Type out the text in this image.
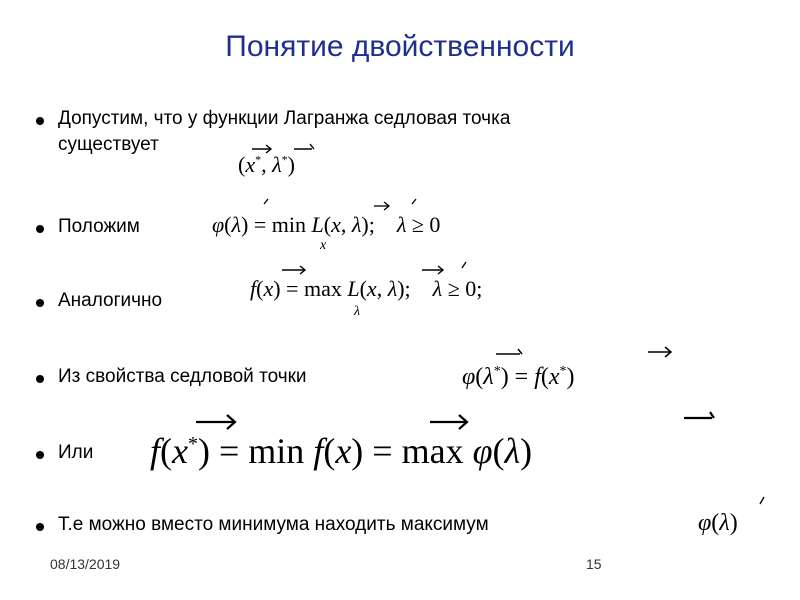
Понятие двойственности
Допустим, что у функции Лагранжа седловая точка
существует
(x*, λ*)
Положим	φ(λ) = min L(x, λ);    λ ≥ 0
x
Аналогично	f(x) = max L(x, λ);    λ ≥ 0;
λ
Из свойства седловой точки	φ(λ*) = f(x*)
Или f(x*) = min f(x) = max φ(λ)
Т.е можно вместо минимума находить максимум	φ(λ)
08/13/2019	15
